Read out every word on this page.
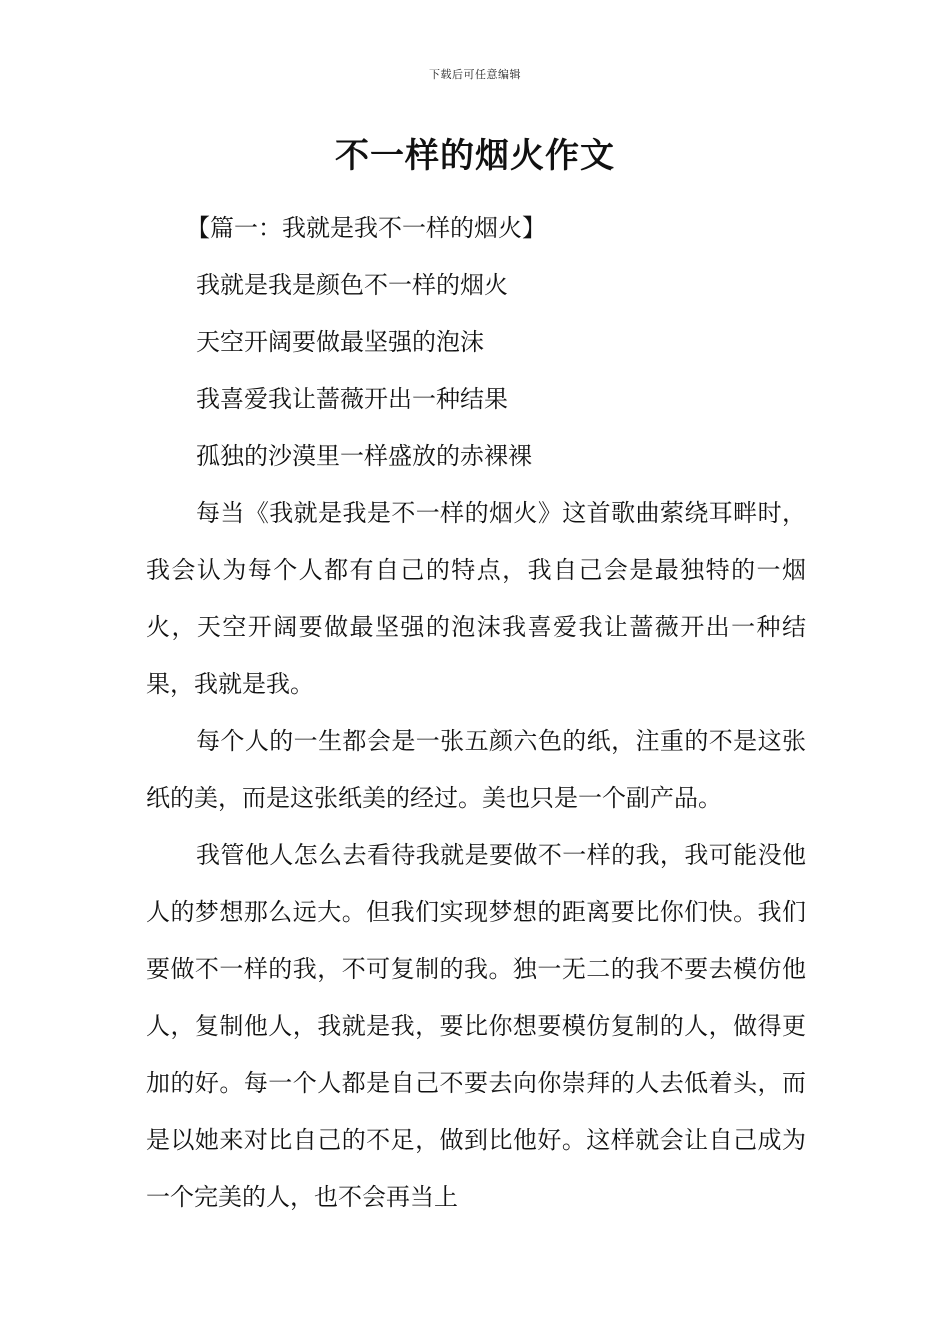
下载后可任意编辑
不一样的烟火作文
【篇一：我就是我不一样的烟火】
我就是我是颜色不一样的烟火
天空开阔要做最坚强的泡沫
我喜爱我让蔷薇开出一种结果
孤独的沙漠里一样盛放的赤裸裸

每当《我就是我是不一样的烟火》这首歌曲萦绕耳畔时，我会认为每个人都有自己的特点，我自己会是最独特的一烟火，天空开阔要做最坚强的泡沫我喜爱我让蔷薇开出一种结果，我就是我。

每个人的一生都会是一张五颜六色的纸，注重的不是这张纸的美，而是这张纸美的经过。美也只是一个副产品。

我管他人怎么去看待我就是要做不一样的我，我可能没他人的梦想那么远大。但我们实现梦想的距离要比你们快。我们要做不一样的我，不可复制的我。独一无二的我不要去模仿他人，复制他人，我就是我，要比你想要模仿复制的人，做得更加的好。每一个人都是自己不要去向你崇拜的人去低着头，而是以她来对比自己的不足，做到比他好。这样就会让自己成为一个完美的人，也不会再当上
